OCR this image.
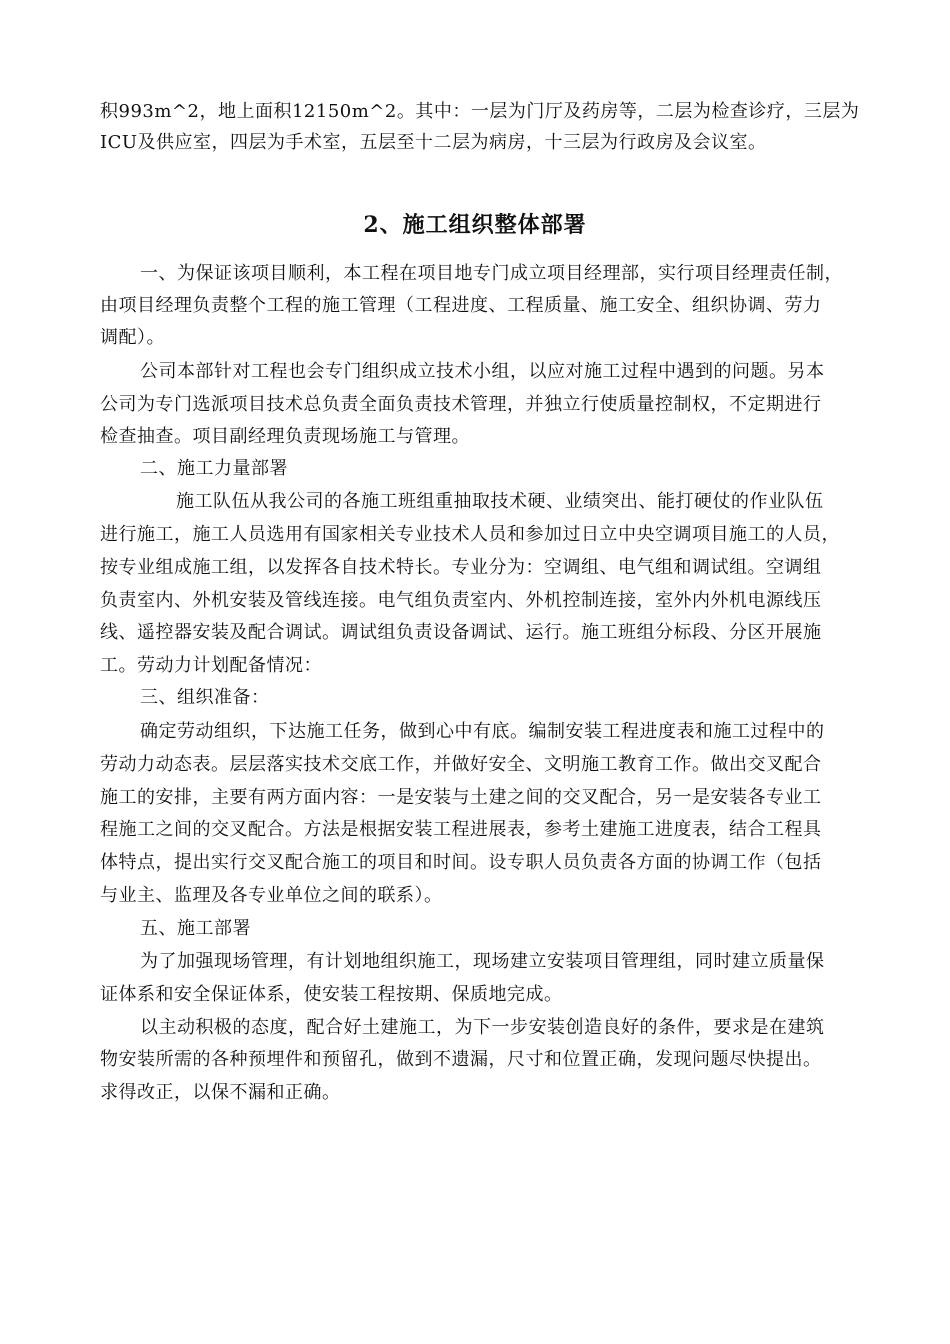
积993m^2，地上面积12150m^2。其中：一层为门厅及药房等，二层为检查诊疗，三层为
ICU及供应室，四层为手术室，五层至十二层为病房，十三层为行政房及会议室。
2、施工组织整体部署
一、为保证该项目顺利，本工程在项目地专门成立项目经理部，实行项目经理责任制，
由项目经理负责整个工程的施工管理（工程进度、工程质量、施工安全、组织协调、劳力
调配）。
公司本部针对工程也会专门组织成立技术小组，以应对施工过程中遇到的问题。另本
公司为专门选派项目技术总负责全面负责技术管理，并独立行使质量控制权，不定期进行
检查抽查。项目副经理负责现场施工与管理。
二、施工力量部署
施工队伍从我公司的各施工班组重抽取技术硬、业绩突出、能打硬仗的作业队伍
进行施工，施工人员选用有国家相关专业技术人员和参加过日立中央空调项目施工的人员，
按专业组成施工组，以发挥各自技术特长。专业分为：空调组、电气组和调试组。空调组
负责室内、外机安装及管线连接。电气组负责室内、外机控制连接，室外内外机电源线压
线、遥控器安装及配合调试。调试组负责设备调试、运行。施工班组分标段、分区开展施
工。劳动力计划配备情况：
三、组织准备：
确定劳动组织，下达施工任务，做到心中有底。编制安装工程进度表和施工过程中的
劳动力动态表。层层落实技术交底工作，并做好安全、文明施工教育工作。做出交叉配合
施工的安排，主要有两方面内容：一是安装与土建之间的交叉配合，另一是安装各专业工
程施工之间的交叉配合。方法是根据安装工程进展表，参考土建施工进度表，结合工程具
体特点，提出实行交叉配合施工的项目和时间。设专职人员负责各方面的协调工作（包括
与业主、监理及各专业单位之间的联系）。
五、施工部署
为了加强现场管理，有计划地组织施工，现场建立安装项目管理组，同时建立质量保
证体系和安全保证体系，使安装工程按期、保质地完成。
以主动积极的态度，配合好土建施工，为下一步安装创造良好的条件，要求是在建筑
物安装所需的各种预埋件和预留孔，做到不遗漏，尺寸和位置正确，发现问题尽快提出。
求得改正，以保不漏和正确。
